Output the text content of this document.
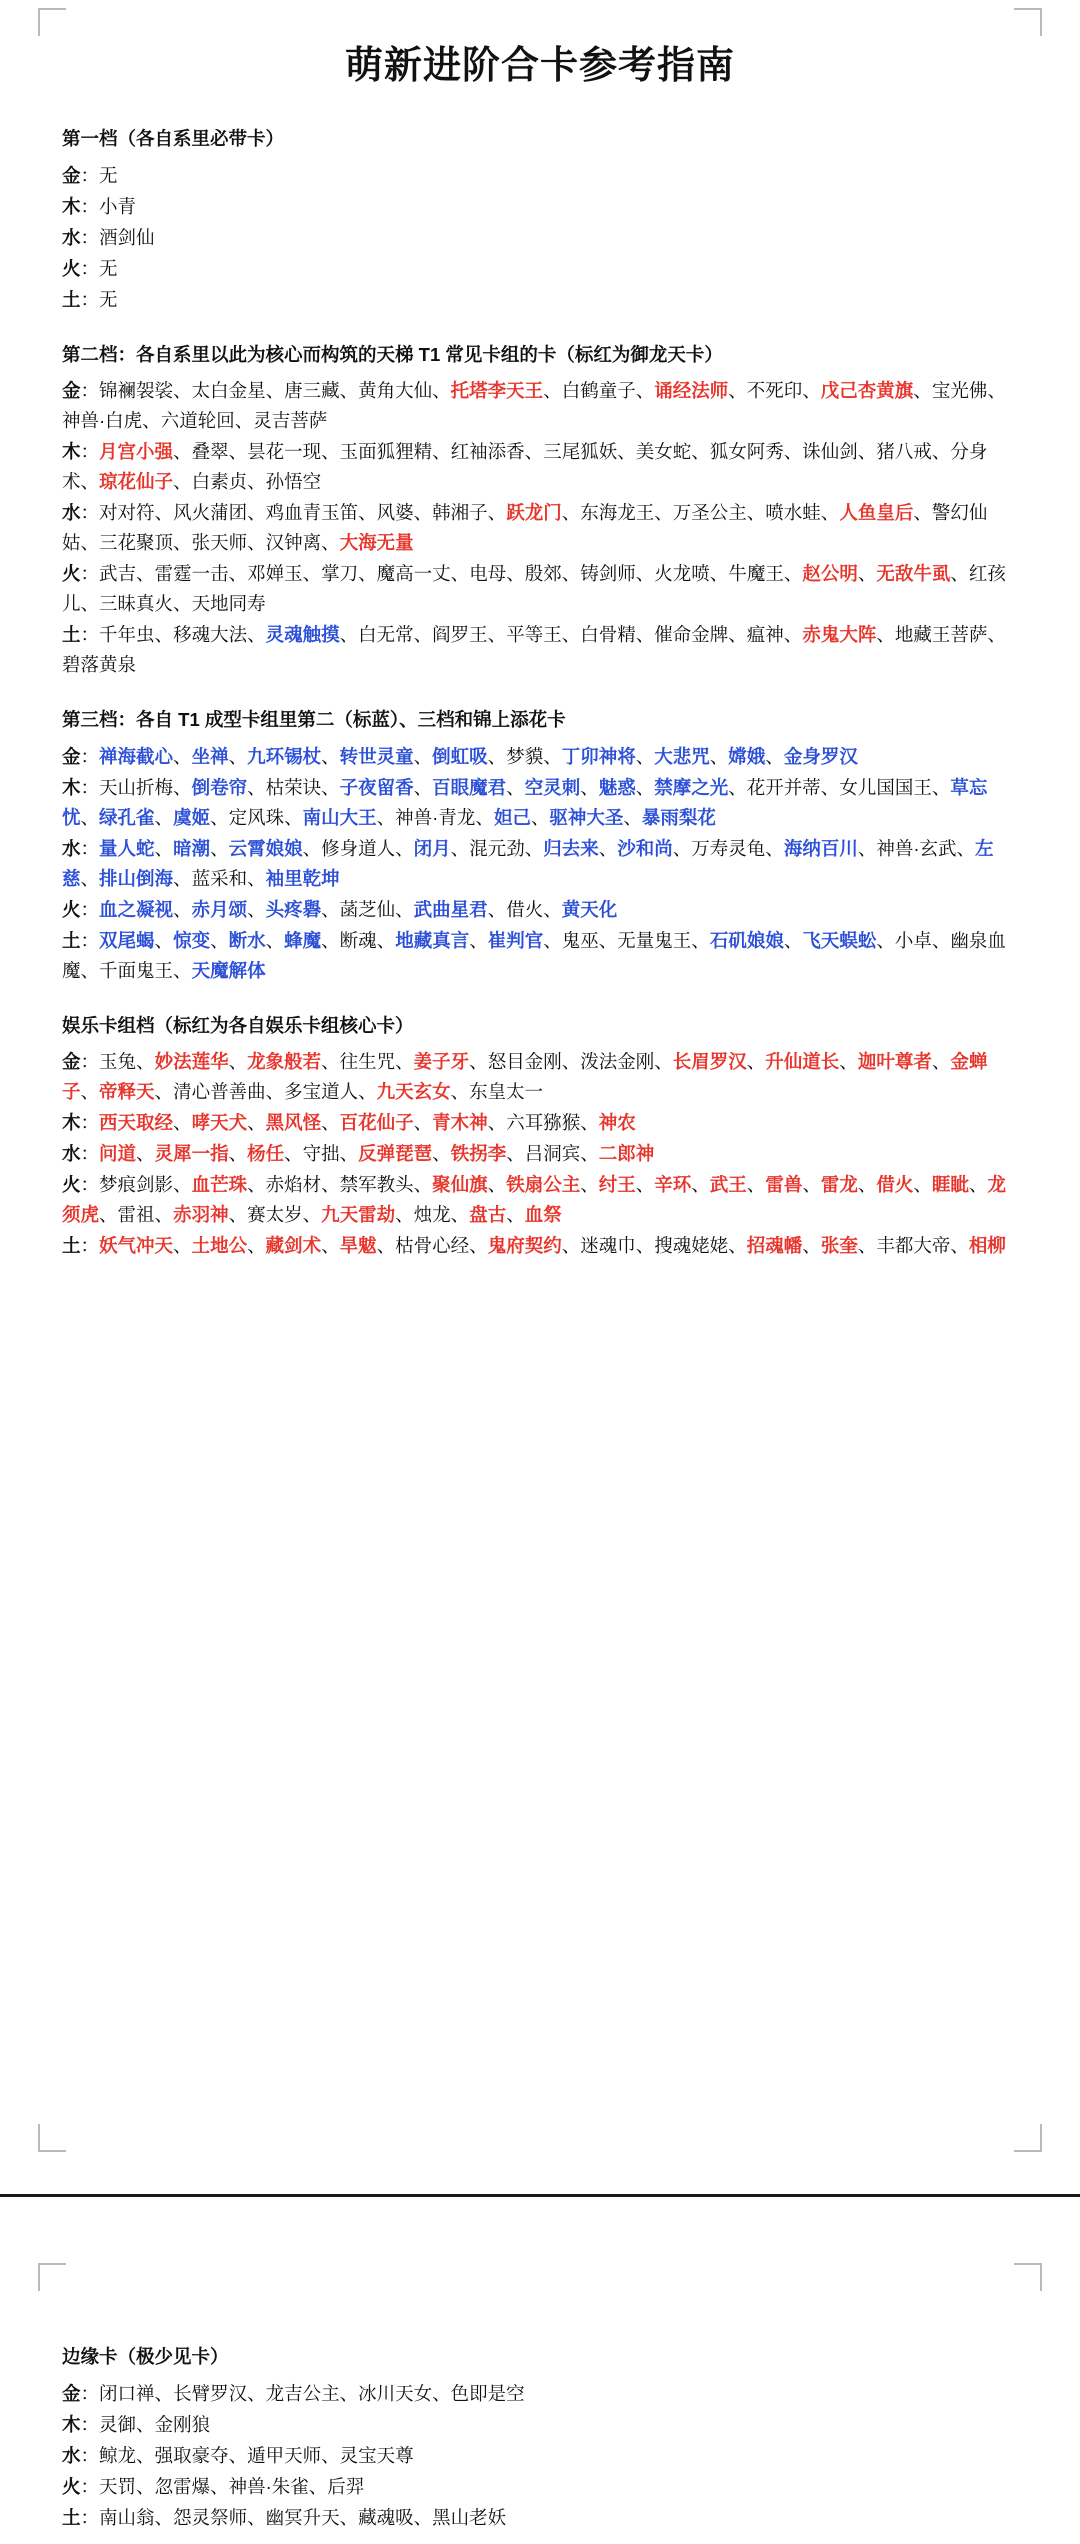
萌新进阶合卡参考指南
第一档（各自系里必带卡）
金：无
木：小青
水：酒剑仙
火：无
土：无
第二档：各自系里以此为核心而构筑的天梯 T1 常见卡组的卡（标红为御龙天卡）
金：锦襕袈裟、太白金星、唐三藏、黄角大仙、托塔李天王、白鹤童子、诵经法师、不死印、戊己杏黄旗、宝光佛、神兽·白虎、六道轮回、灵吉菩萨
木：月宫小强、叠翠、昙花一现、玉面狐狸精、红袖添香、三尾狐妖、美女蛇、狐女阿秀、诛仙剑、猪八戒、分身术、琼花仙子、白素贞、孙悟空
水：对对符、风火蒲团、鸡血青玉笛、风婆、韩湘子、跃龙门、东海龙王、万圣公主、喷水蛙、人鱼皇后、警幻仙姑、三花聚顶、张天师、汉钟离、大海无量
火：武吉、雷霆一击、邓婵玉、掌刀、魔高一丈、电母、殷郊、铸剑师、火龙喷、牛魔王、赵公明、无敌牛虱、红孩儿、三昧真火、天地同寿
土：千年虫、移魂大法、灵魂触摸、白无常、阎罗王、平等王、白骨精、催命金牌、瘟神、赤鬼大阵、地藏王菩萨、碧落黄泉
第三档：各自 T1 成型卡组里第二（标蓝）、三档和锦上添花卡
金：禅海截心、坐禅、九环锡杖、转世灵童、倒虹吸、梦貘、丁卯神将、大悲咒、嫦娥、金身罗汉
木：天山折梅、倒卷帘、枯荣诀、子夜留香、百眼魔君、空灵刺、魅惑、禁摩之光、花开并蒂、女儿国国王、草忘忧、绿孔雀、虞姬、定风珠、南山大王、神兽·青龙、妲己、驱神大圣、暴雨梨花
水：量人蛇、暗潮、云霄娘娘、修身道人、闭月、混元劲、归去来、沙和尚、万寿灵龟、海纳百川、神兽·玄武、左慈、排山倒海、蓝采和、袖里乾坤
火：血之凝视、赤月颂、头疼礜、菡芝仙、武曲星君、借火、黄天化
土：双尾蝎、惊变、断水、蜂魔、断魂、地藏真言、崔判官、鬼巫、无量鬼王、石矶娘娘、飞天蜈蚣、小卓、幽泉血魔、千面鬼王、天魔解体
娱乐卡组档（标红为各自娱乐卡组核心卡）
金：玉兔、妙法莲华、龙象般若、往生咒、姜子牙、怒目金刚、泼法金刚、长眉罗汉、升仙道长、迦叶尊者、金蝉子、帝释天、清心普善曲、多宝道人、九天玄女、东皇太一
木：西天取经、哮天犬、黑风怪、百花仙子、青木神、六耳猕猴、神农
水：问道、灵犀一指、杨任、守拙、反弹琵琶、铁拐李、吕洞宾、二郎神
火：梦痕剑影、血芒珠、赤焰材、禁军教头、聚仙旗、铁扇公主、纣王、辛环、武王、雷兽、雷龙、借火、睚眦、龙须虎、雷祖、赤羽神、赛太岁、九天雷劫、烛龙、盘古、血祭
土：妖气冲天、土地公、藏剑术、旱魃、枯骨心经、鬼府契约、迷魂巾、搜魂姥姥、招魂幡、张奎、丰都大帝、相柳
边缘卡（极少见卡）
金：闭口禅、长臂罗汉、龙吉公主、冰川天女、色即是空
木：灵御、金刚狼
水：鲸龙、强取豪夺、遁甲天师、灵宝天尊
火：天罚、忽雷爆、神兽·朱雀、后羿
土：南山翁、怨灵祭师、幽冥升天、藏魂吸、黑山老妖
